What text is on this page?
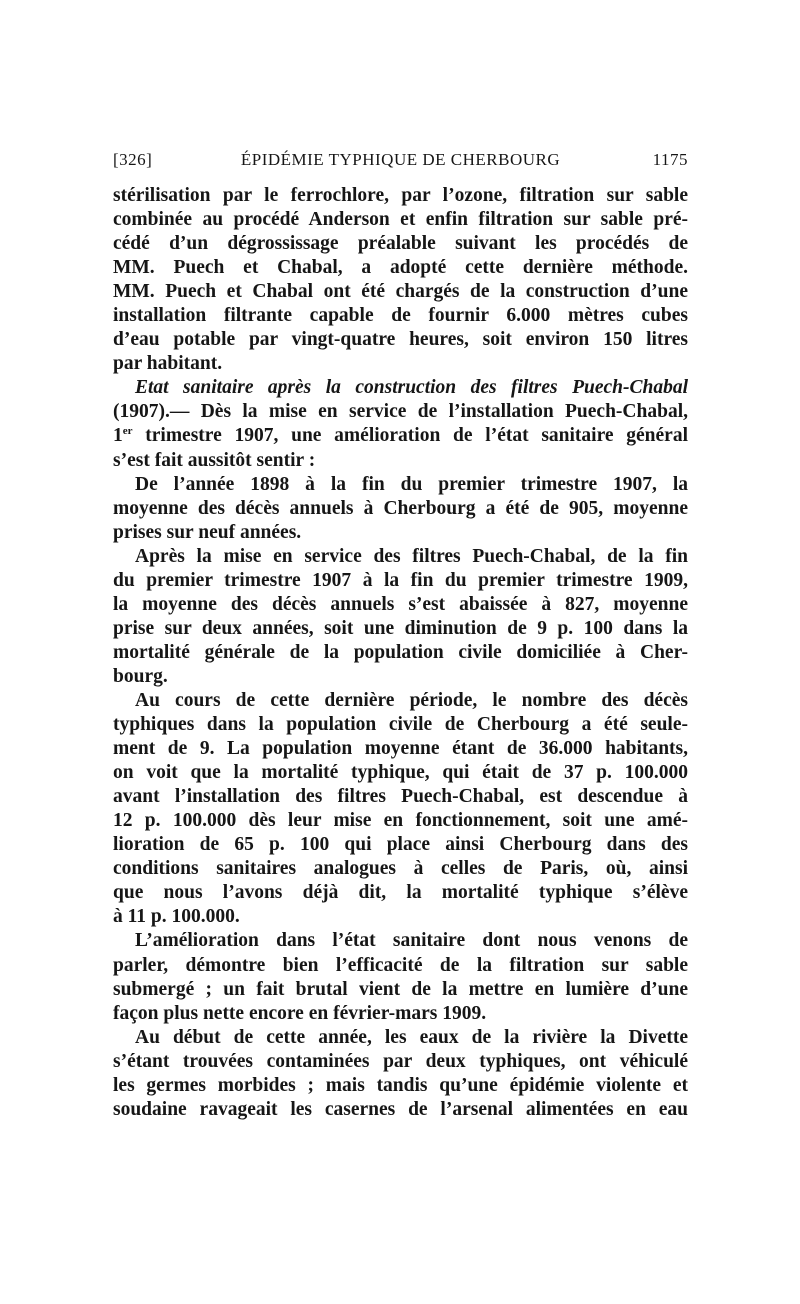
[326]	ÉPIDÉMIE TYPHIQUE DE CHERBOURG	1175
stérilisation par le ferrochlore, par l’ozone, filtration sur sable
combinée au procédé Anderson et enfin filtration sur sable pré-
cédé d’un dégrossissage préalable suivant les procédés de
MM. Puech et Chabal, a adopté cette dernière méthode.
MM. Puech et Chabal ont été chargés de la construction d’une
installation filtrante capable de fournir 6.000 mètres cubes
d’eau potable par vingt-quatre heures, soit environ 150 litres
par habitant.
Etat sanitaire après la construction des filtres Puech-Chabal
(1907).— Dès la mise en service de l’installation Puech-Chabal,
1er trimestre 1907, une amélioration de l’état sanitaire général
s’est fait aussitôt sentir :
De l’année 1898 à la fin du premier trimestre 1907, la
moyenne des décès annuels à Cherbourg a été de 905, moyenne
prises sur neuf années.
Après la mise en service des filtres Puech-Chabal, de la fin
du premier trimestre 1907 à la fin du premier trimestre 1909,
la moyenne des décès annuels s’est abaissée à 827, moyenne
prise sur deux années, soit une diminution de 9 p. 100 dans la
mortalité générale de la population civile domiciliée à Cher-
bourg.
Au cours de cette dernière période, le nombre des décès
typhiques dans la population civile de Cherbourg a été seule-
ment de 9. La population moyenne étant de 36.000 habitants,
on voit que la mortalité typhique, qui était de 37 p. 100.000
avant l’installation des filtres Puech-Chabal, est descendue à
12 p. 100.000 dès leur mise en fonctionnement, soit une amé-
lioration de 65 p. 100 qui place ainsi Cherbourg dans des
conditions sanitaires analogues à celles de Paris, où, ainsi
que nous l’avons déjà dit, la mortalité typhique s’élève
à 11 p. 100.000.
L’amélioration dans l’état sanitaire dont nous venons de
parler, démontre bien l’efficacité de la filtration sur sable
submergé ; un fait brutal vient de la mettre en lumière d’une
façon plus nette encore en février-mars 1909.
Au début de cette année, les eaux de la rivière la Divette
s’étant trouvées contaminées par deux typhiques, ont véhiculé
les germes morbides ; mais tandis qu’une épidémie violente et
soudaine ravageait les casernes de l’arsenal alimentées en eau
